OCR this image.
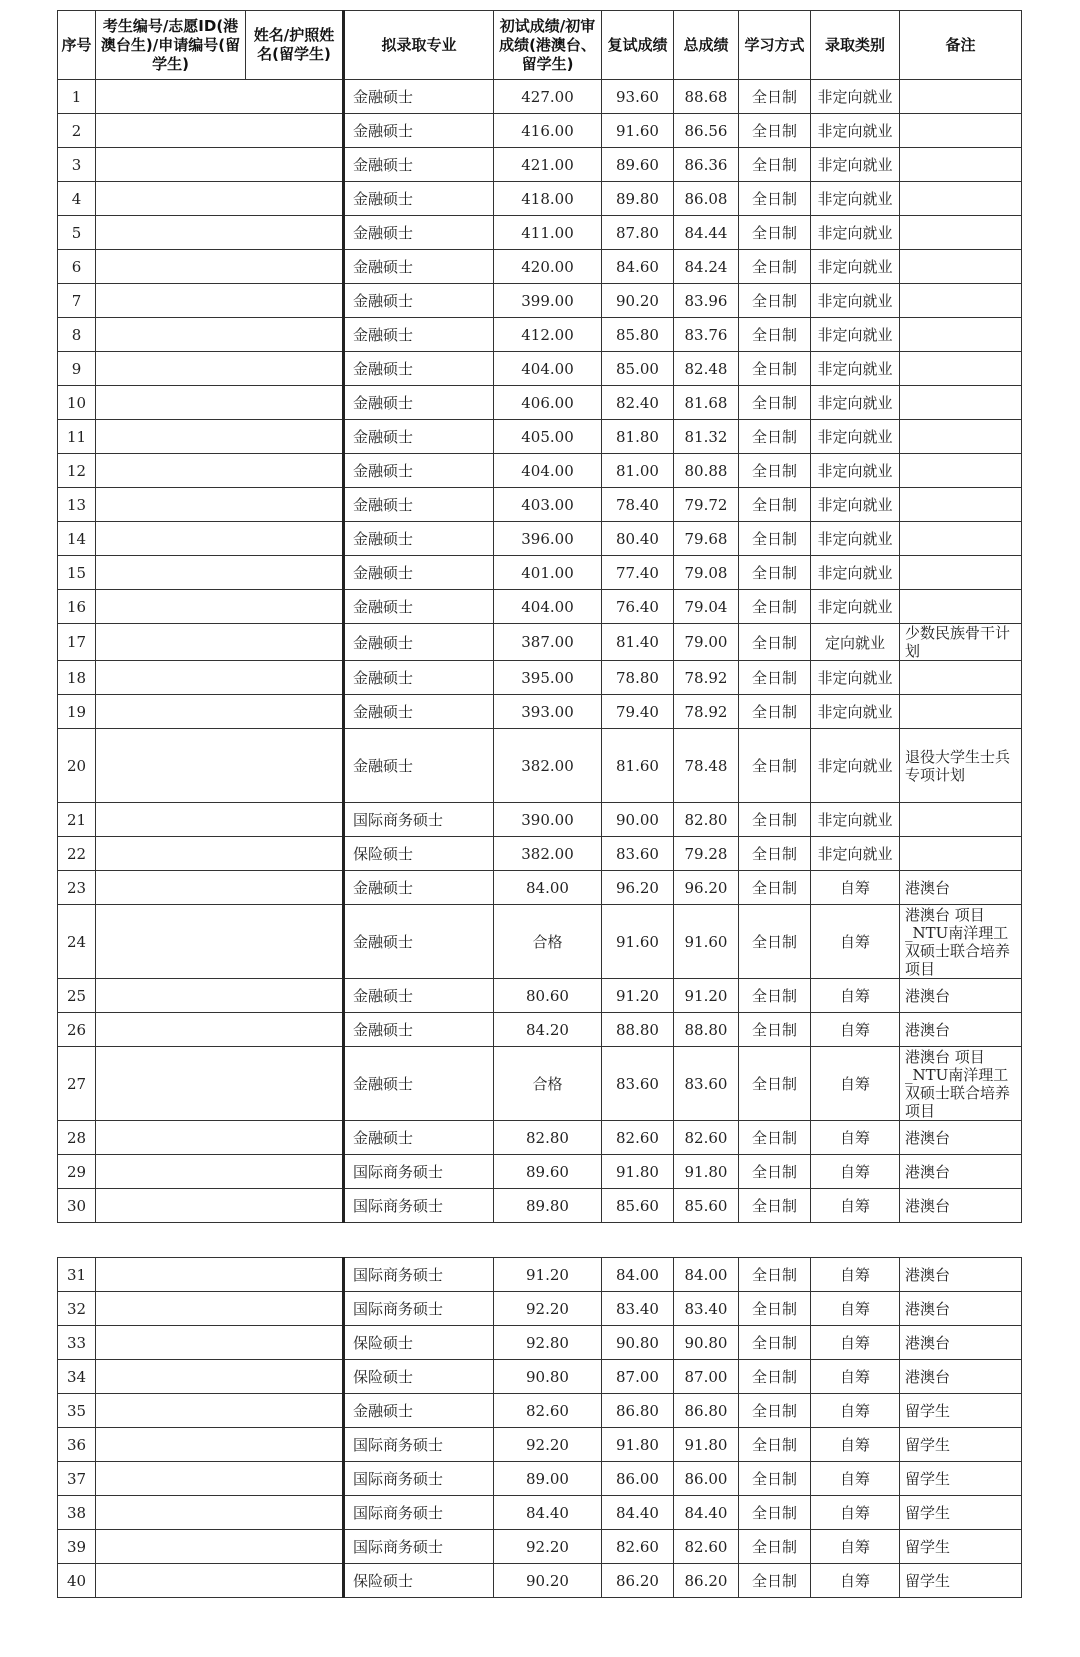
序号	考生编号/志愿ID(港澳台生)/申请编号(留学生)	姓名/护照姓名(留学生)	拟录取专业	初试成绩/初审成绩(港澳台、留学生)	复试成绩	总成绩	学习方式	录取类别	备注
1			金融硕士	427.00	93.60	88.68	全日制	非定向就业	
2			金融硕士	416.00	91.60	86.56	全日制	非定向就业	
3			金融硕士	421.00	89.60	86.36	全日制	非定向就业	
4			金融硕士	418.00	89.80	86.08	全日制	非定向就业	
5			金融硕士	411.00	87.80	84.44	全日制	非定向就业	
6			金融硕士	420.00	84.60	84.24	全日制	非定向就业	
7			金融硕士	399.00	90.20	83.96	全日制	非定向就业	
8			金融硕士	412.00	85.80	83.76	全日制	非定向就业	
9			金融硕士	404.00	85.00	82.48	全日制	非定向就业	
10			金融硕士	406.00	82.40	81.68	全日制	非定向就业	
11			金融硕士	405.00	81.80	81.32	全日制	非定向就业	
12			金融硕士	404.00	81.00	80.88	全日制	非定向就业	
13			金融硕士	403.00	78.40	79.72	全日制	非定向就业	
14			金融硕士	396.00	80.40	79.68	全日制	非定向就业	
15			金融硕士	401.00	77.40	79.08	全日制	非定向就业	
16			金融硕士	404.00	76.40	79.04	全日制	非定向就业	
17			金融硕士	387.00	81.40	79.00	全日制	定向就业	少数民族骨干计划
18			金融硕士	395.00	78.80	78.92	全日制	非定向就业	
19			金融硕士	393.00	79.40	78.92	全日制	非定向就业	
20			金融硕士	382.00	81.60	78.48	全日制	非定向就业	退役大学生士兵专项计划
21			国际商务硕士	390.00	90.00	82.80	全日制	非定向就业	
22			保险硕士	382.00	83.60	79.28	全日制	非定向就业	
23			金融硕士	84.00	96.20	96.20	全日制	自筹	港澳台
24			金融硕士	合格	91.60	91.60	全日制	自筹	港澳台 项目_NTU南洋理工双硕士联合培养项目
25			金融硕士	80.60	91.20	91.20	全日制	自筹	港澳台
26			金融硕士	84.20	88.80	88.80	全日制	自筹	港澳台
27			金融硕士	合格	83.60	83.60	全日制	自筹	港澳台 项目_NTU南洋理工双硕士联合培养项目
28			金融硕士	82.80	82.60	82.60	全日制	自筹	港澳台
29			国际商务硕士	89.60	91.80	91.80	全日制	自筹	港澳台
30			国际商务硕士	89.80	85.60	85.60	全日制	自筹	港澳台
31			国际商务硕士	91.20	84.00	84.00	全日制	自筹	港澳台
32			国际商务硕士	92.20	83.40	83.40	全日制	自筹	港澳台
33			保险硕士	92.80	90.80	90.80	全日制	自筹	港澳台
34			保险硕士	90.80	87.00	87.00	全日制	自筹	港澳台
35			金融硕士	82.60	86.80	86.80	全日制	自筹	留学生
36			国际商务硕士	92.20	91.80	91.80	全日制	自筹	留学生
37			国际商务硕士	89.00	86.00	86.00	全日制	自筹	留学生
38			国际商务硕士	84.40	84.40	84.40	全日制	自筹	留学生
39			国际商务硕士	92.20	82.60	82.60	全日制	自筹	留学生
40			保险硕士	90.20	86.20	86.20	全日制	自筹	留学生
